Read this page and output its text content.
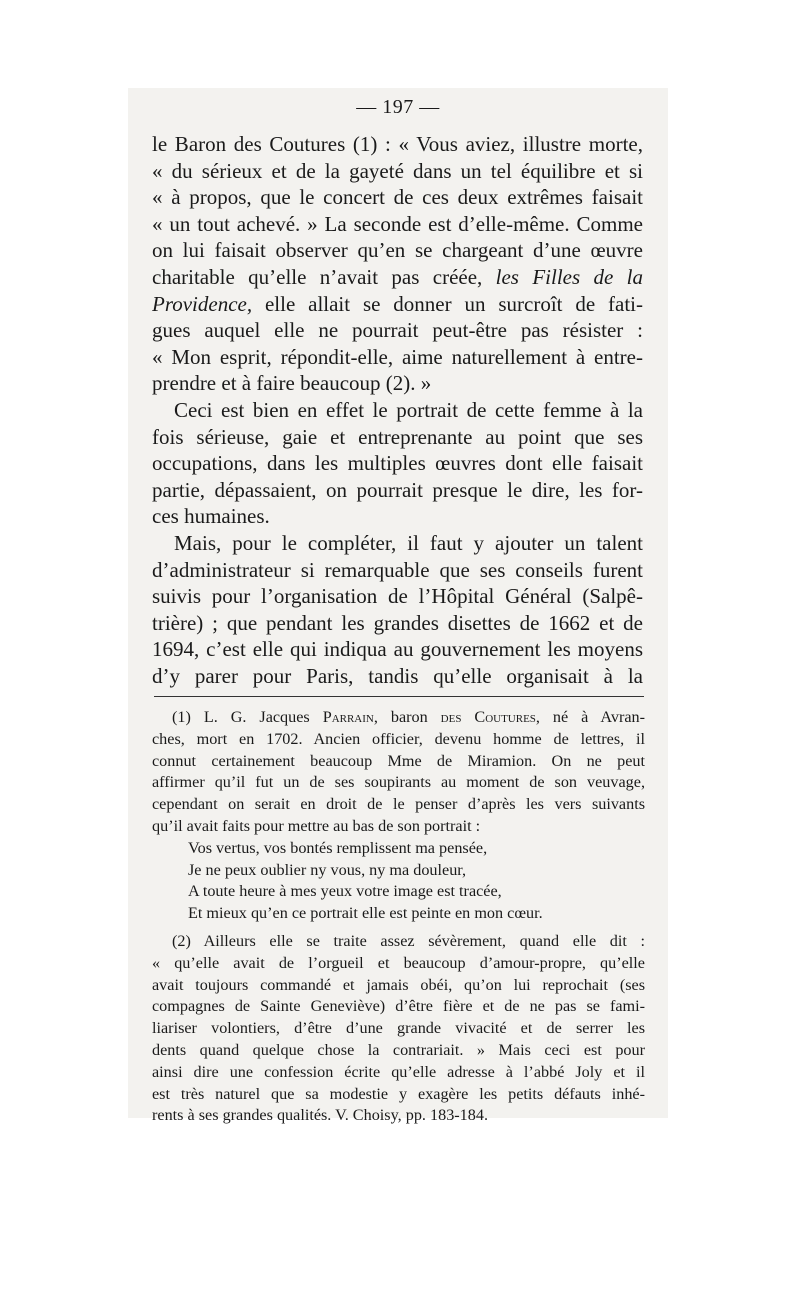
— 197 —
le Baron des Coutures (1) : « Vous aviez, illustre morte,
« du sérieux et de la gayeté dans un tel équilibre et si
« à propos, que le concert de ces deux extrêmes faisait
« un tout achevé. » La seconde est d’elle-même. Comme
on lui faisait observer qu’en se chargeant d’une œuvre
charitable qu’elle n’avait pas créée, les Filles de la
Providence, elle allait se donner un surcroît de fati-
gues auquel elle ne pourrait peut-être pas résister :
« Mon esprit, répondit-elle, aime naturellement à entre-
prendre et à faire beaucoup (2). »
Ceci est bien en effet le portrait de cette femme à la
fois sérieuse, gaie et entreprenante au point que ses
occupations, dans les multiples œuvres dont elle faisait
partie, dépassaient, on pourrait presque le dire, les for-
ces humaines.
Mais, pour le compléter, il faut y ajouter un talent
d’administrateur si remarquable que ses conseils furent
suivis pour l’organisation de l’Hôpital Général (Salpê-
trière) ; que pendant les grandes disettes de 1662 et de
1694, c’est elle qui indiqua au gouvernement les moyens
d’y parer pour Paris, tandis qu’elle organisait à la
(1) L. G. Jacques Parrain, baron des Coutures, né à Avran-
ches, mort en 1702. Ancien officier, devenu homme de lettres, il
connut certainement beaucoup Mme de Miramion. On ne peut
affirmer qu’il fut un de ses soupirants au moment de son veuvage,
cependant on serait en droit de le penser d’après les vers suivants
qu’il avait faits pour mettre au bas de son portrait :
Vos vertus, vos bontés remplissent ma pensée,
Je ne peux oublier ny vous, ny ma douleur,
A toute heure à mes yeux votre image est tracée,
Et mieux qu’en ce portrait elle est peinte en mon cœur.
(2) Ailleurs elle se traite assez sévèrement, quand elle dit :
« qu’elle avait de l’orgueil et beaucoup d’amour-propre, qu’elle
avait toujours commandé et jamais obéi, qu’on lui reprochait (ses
compagnes de Sainte Geneviève) d’être fière et de ne pas se fami-
liariser volontiers, d’être d’une grande vivacité et de serrer les
dents quand quelque chose la contrariait. » Mais ceci est pour
ainsi dire une confession écrite qu’elle adresse à l’abbé Joly et il
est très naturel que sa modestie y exagère les petits défauts inhé-
rents à ses grandes qualités. V. Choisy, pp. 183-184.
